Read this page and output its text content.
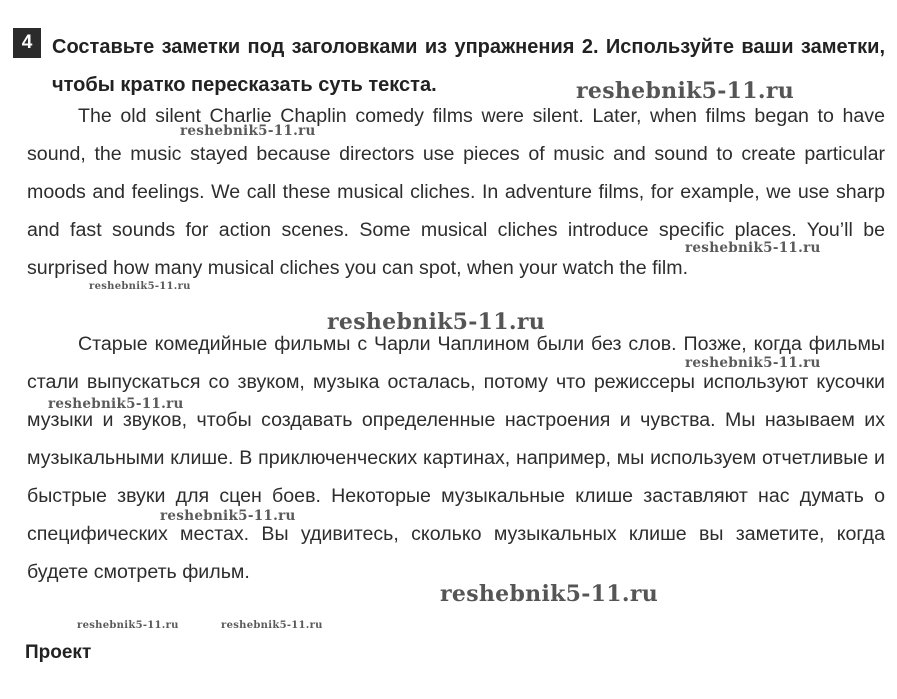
4 Составьте заметки под заголовками из упражнения 2. Используйте ваши заметки, чтобы кратко пересказать суть текста.

The old silent Charlie Chaplin comedy films were silent. Later, when films began to have sound, the music stayed because directors use pieces of music and sound to create particular moods and feelings. We call these musical cliches. In adventure films, for example, we use sharp and fast sounds for action scenes. Some musical cliches introduce specific places. You’ll be surprised how many musical cliches you can spot, when your watch the film.

Старые комедийные фильмы с Чарли Чаплином были без слов. Позже, когда фильмы стали выпускаться со звуком, музыка осталась, потому что режиссеры используют кусочки музыки и звуков, чтобы создавать определенные настроения и чувства. Мы называем их музыкальными клише. В приключенческих картинах, например, мы используем отчетливые и быстрые звуки для сцен боев. Некоторые музыкальные клише заставляют нас думать о специфических местах. Вы удивитесь, сколько музыкальных клише вы заметите, когда будете смотреть фильм.

Проект

reshebnik5-11.ru
reshebnik5-11.ru
reshebnik5-11.ru
reshebnik5-11.ru
reshebnik5-11.ru
reshebnik5-11.ru
reshebnik5-11.ru
reshebnik5-11.ru
reshebnik5-11.ru
reshebnik5-11.ru	reshebnik5-11.ru
